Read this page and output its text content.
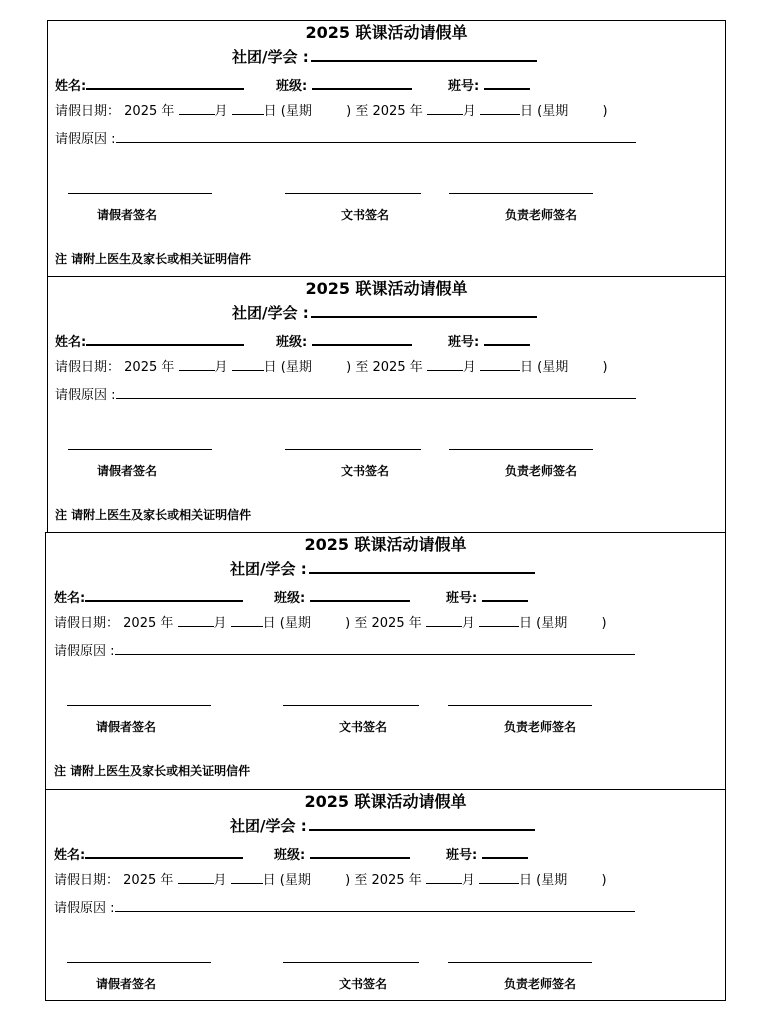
2025 联课活动请假单
社团/学会 :
姓名:	班级:	班号:
请假日期： 2025 年	月	日 (星期	) 至 2025 年	月	日 (星期	)
请假原因 :
请假者签名	文书签名	负责老师签名
注 请附上医生及家长或相关证明信件
2025 联课活动请假单
社团/学会 :
姓名:	班级:	班号:
请假日期： 2025 年	月	日 (星期	) 至 2025 年	月	日 (星期	)
请假原因 :
请假者签名	文书签名	负责老师签名
注 请附上医生及家长或相关证明信件
2025 联课活动请假单
社团/学会 :
姓名:	班级:	班号:
请假日期： 2025 年	月	日 (星期	) 至 2025 年	月	日 (星期	)
请假原因 :
请假者签名	文书签名	负责老师签名
注 请附上医生及家长或相关证明信件
2025 联课活动请假单
社团/学会 :
姓名:	班级:	班号:
请假日期： 2025 年	月	日 (星期	) 至 2025 年	月	日 (星期	)
请假原因 :
请假者签名	文书签名	负责老师签名
